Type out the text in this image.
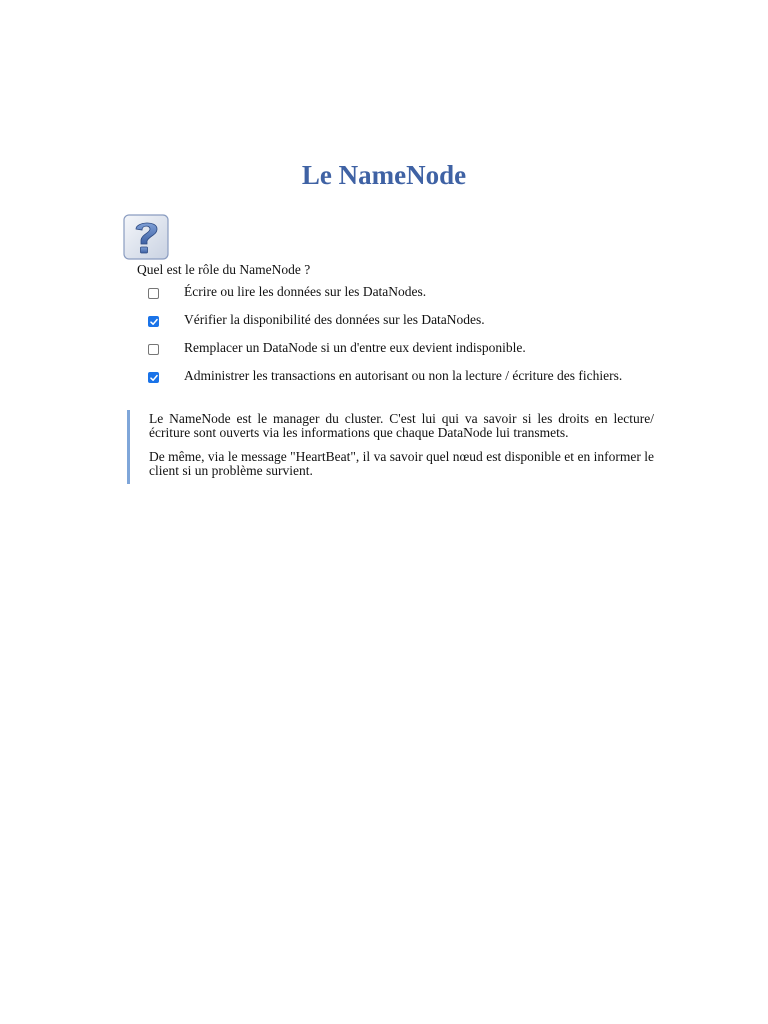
Le NameNode

Quel est le rôle du NameNode ?

Écrire ou lire les données sur les DataNodes.
Vérifier la disponibilité des données sur les DataNodes.
Remplacer un DataNode si un d'entre eux devient indisponible.
Administrer les transactions en autorisant ou non la lecture / écriture des fichiers.

Le NameNode est le manager du cluster. C'est lui qui va savoir si les droits en lecture/écriture sont ouverts via les informations que chaque DataNode lui transmets.

De même, via le message "HeartBeat", il va savoir quel nœud est disponible et en informer le client si un problème survient.
